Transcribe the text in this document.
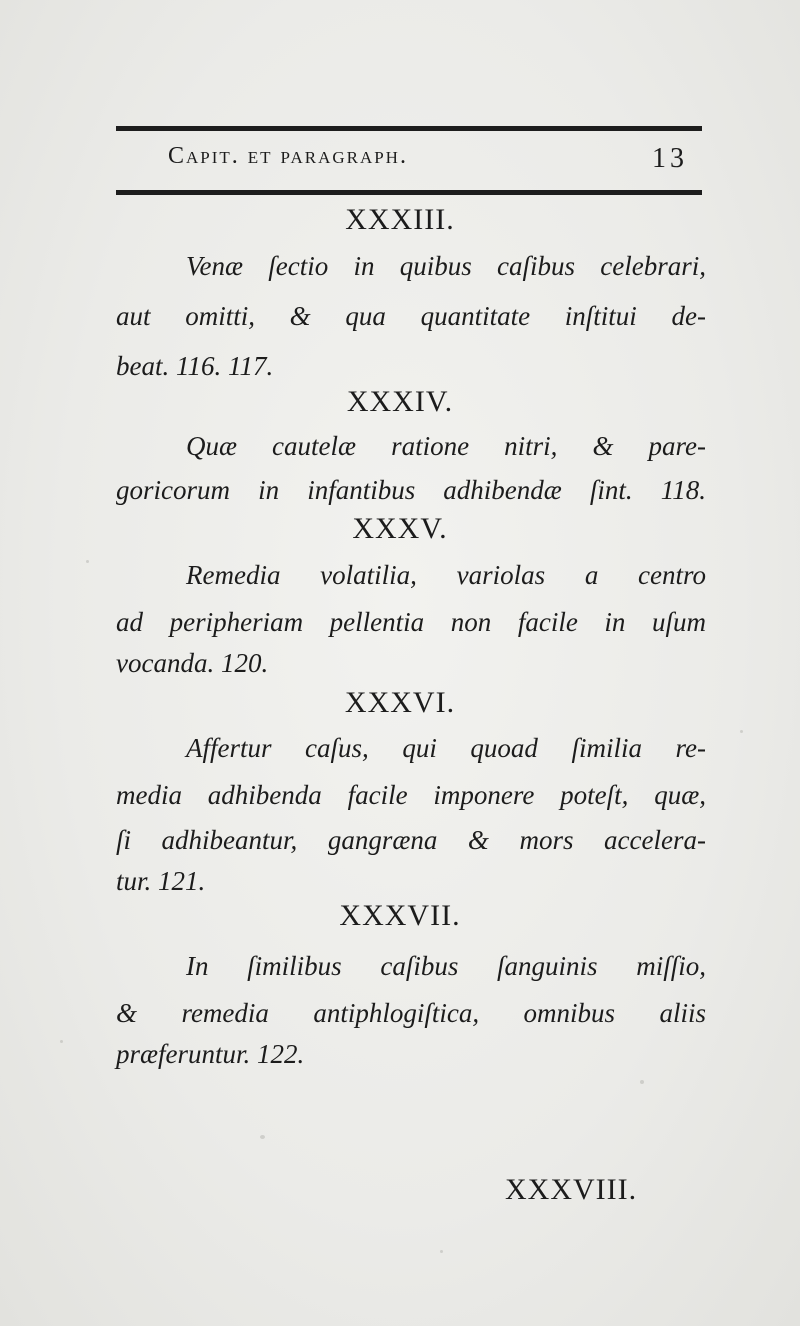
Capit. et paragraph.	13
XXXIII.
Venæ ſectio in quibus caſibus celebrari,
aut omitti, & qua quantitate inſtitui de-
beat. 116. 117.
XXXIV.
Quæ cautelæ ratione nitri, & pare-
goricorum in infantibus adhibendæ ſint. 118.
XXXV.
Remedia volatilia, variolas a centro
ad peripheriam pellentia non facile in uſum
vocanda. 120.
XXXVI.
Affertur caſus, qui quoad ſimilia re-
media adhibenda facile imponere poteſt, quæ,
ſi adhibeantur, gangræna & mors accelera-
tur. 121.
XXXVII.
In ſimilibus caſibus ſanguinis miſſio,
& remedia antiphlogiſtica, omnibus aliis
præferuntur. 122.
XXXVIII.
